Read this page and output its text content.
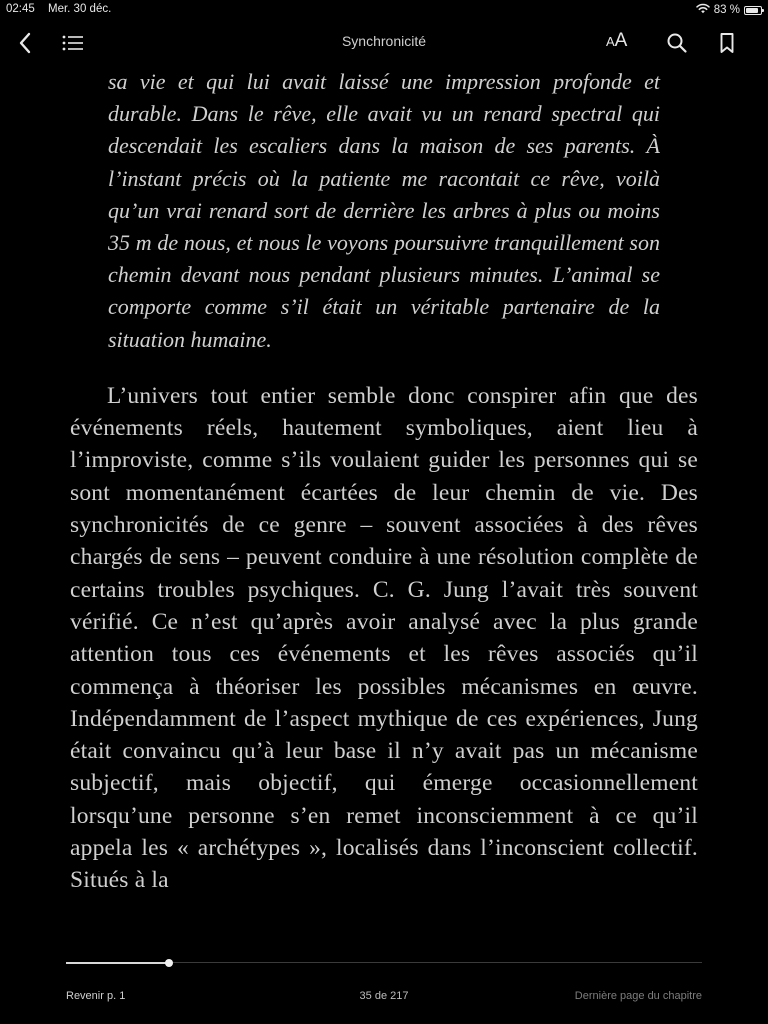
02:45 Mer. 30 déc.	83 %
Synchronicité	AA

sa vie et qui lui avait laissé une impression profonde et durable. Dans le rêve, elle avait vu un renard spectral qui descendait les escaliers dans la maison de ses parents. À l’instant précis où la patiente me racontait ce rêve, voilà qu’un vrai renard sort de derrière les arbres à plus ou moins 35 m de nous, et nous le voyons poursuivre tranquillement son chemin devant nous pendant plusieurs minutes. L’animal se comporte comme s’il était un véritable partenaire de la situation humaine.

L’univers tout entier semble donc conspirer afin que des événements réels, hautement symboliques, aient lieu à l’improviste, comme s’ils voulaient guider les personnes qui se sont momentanément écartées de leur chemin de vie. Des synchronicités de ce genre – souvent associées à des rêves chargés de sens – peuvent conduire à une résolution complète de certains troubles psychiques. C. G. Jung l’avait très souvent vérifié. Ce n’est qu’après avoir analysé avec la plus grande attention tous ces événements et les rêves associés qu’il commença à théoriser les possibles mécanismes en œuvre. Indépendamment de l’aspect mythique de ces expériences, Jung était convaincu qu’à leur base il n’y avait pas un mécanisme subjectif, mais objectif, qui émerge occasionnellement lorsqu’une personne s’en remet inconsciemment à ce qu’il appela les « archétypes », localisés dans l’inconscient collectif. Situés à la

Revenir p. 1	35 de 217	Dernière page du chapitre
